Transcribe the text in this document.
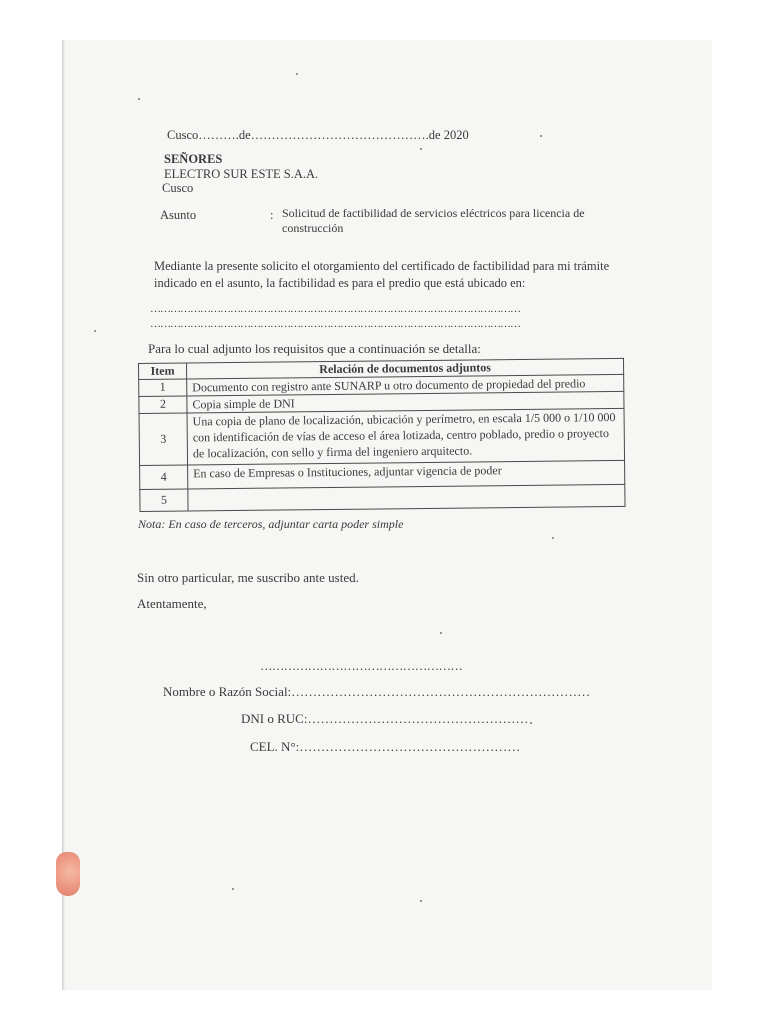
Cusco……….de…………………………………….de 2020
SEÑORES
ELECTRO SUR ESTE S.A.A.
Cusco
Asunto	: Solicitud de factibilidad de servicios eléctricos para licencia de
construcción
Mediante la presente solicito el otorgamiento del certificado de factibilidad para mi trámite
indicado en el asunto, la factibilidad es para el predio que está ubicado en:
…………………………………………………………………………………………………
…………………………………………………………………………………………………
Para lo cual adjunto los requisitos que a continuación se detalla:
Item	Relación de documentos adjuntos
1	Documento con registro ante SUNARP u otro documento de propiedad del predio
2	Copia simple de DNI
3	Una copia de plano de localización, ubicación y perímetro, en escala 1/5 000 o 1/10 000 con identificación de vías de acceso el área lotizada, centro poblado, predio o proyecto de localización, con sello y firma del ingeniero arquitecto.
4	En caso de Empresas o Instituciones, adjuntar vigencia de poder
5	
Nota: En caso de terceros, adjuntar carta poder simple
Sin otro particular, me suscribo ante usted.
Atentamente,
……………………………………………
Nombre o Razón Social:……………………………………………………………
DNI o RUC:……………………………………………
CEL. N°:……………………………………………
